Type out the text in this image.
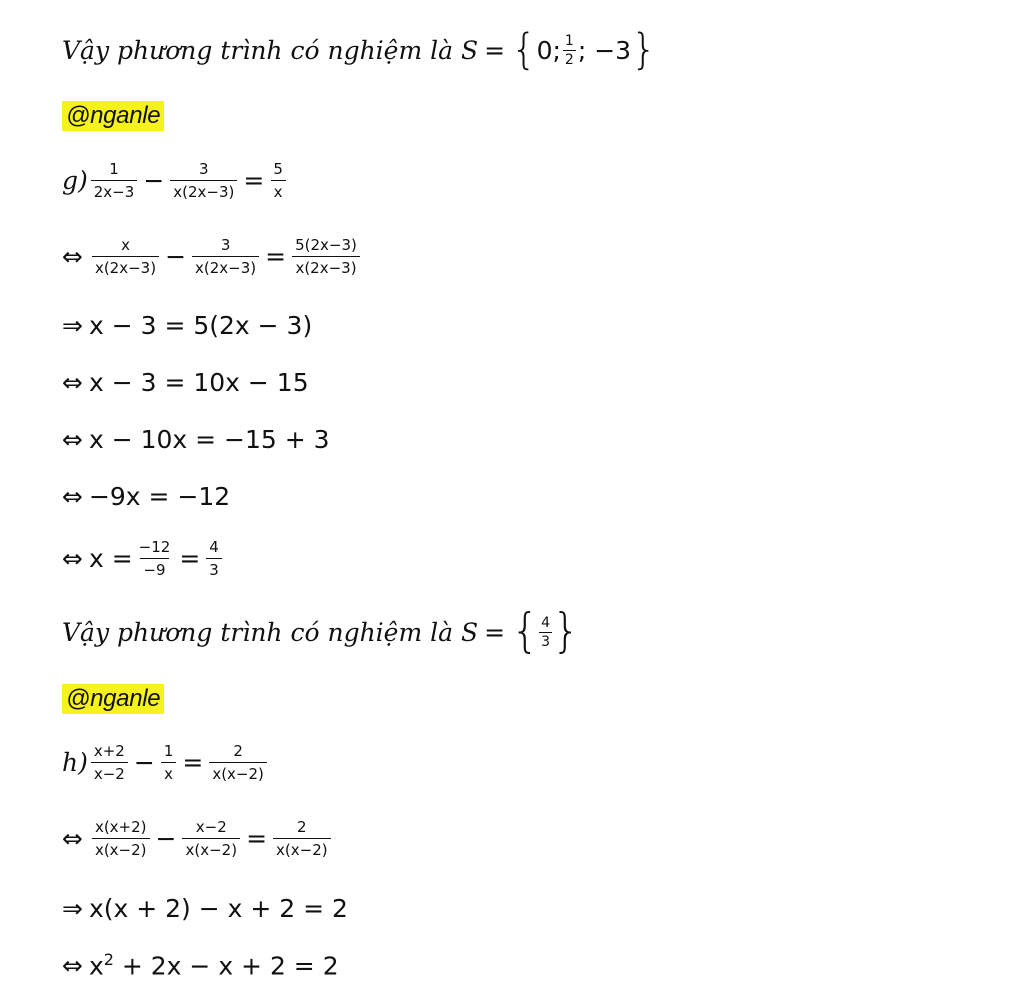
Vậy phương trình có nghiệm là S = { 0; $\frac{1}{2}$ ; −3 }
@nganle
$g) \frac{1}{2x-3} - \frac{3}{x(2x-3)} = \frac{5}{x}$
⇔ $\frac{x}{x(2x-3)} - \frac{3}{x(2x-3)} = \frac{5(2x-3)}{x(2x-3)}$
⇒ x − 3 = 5(2x − 3)
⇔ x − 3 = 10x − 15
⇔ x − 10x = −15 + 3
⇔ −9x = −12
⇔ $x = \frac{-12}{-9} = \frac{4}{3}$
Vậy phương trình có nghiệm là S = { $\frac{4}{3}$ }
@nganle
$h) \frac{x+2}{x-2} - \frac{1}{x} = \frac{2}{x(x-2)}$
⇔ $\frac{x(x+2)}{x(x-2)} - \frac{x-2}{x(x-2)} = \frac{2}{x(x-2)}$
⇒ x(x + 2) − x + 2 = 2
⇔ $x^2 + 2x - x + 2 = 2$
